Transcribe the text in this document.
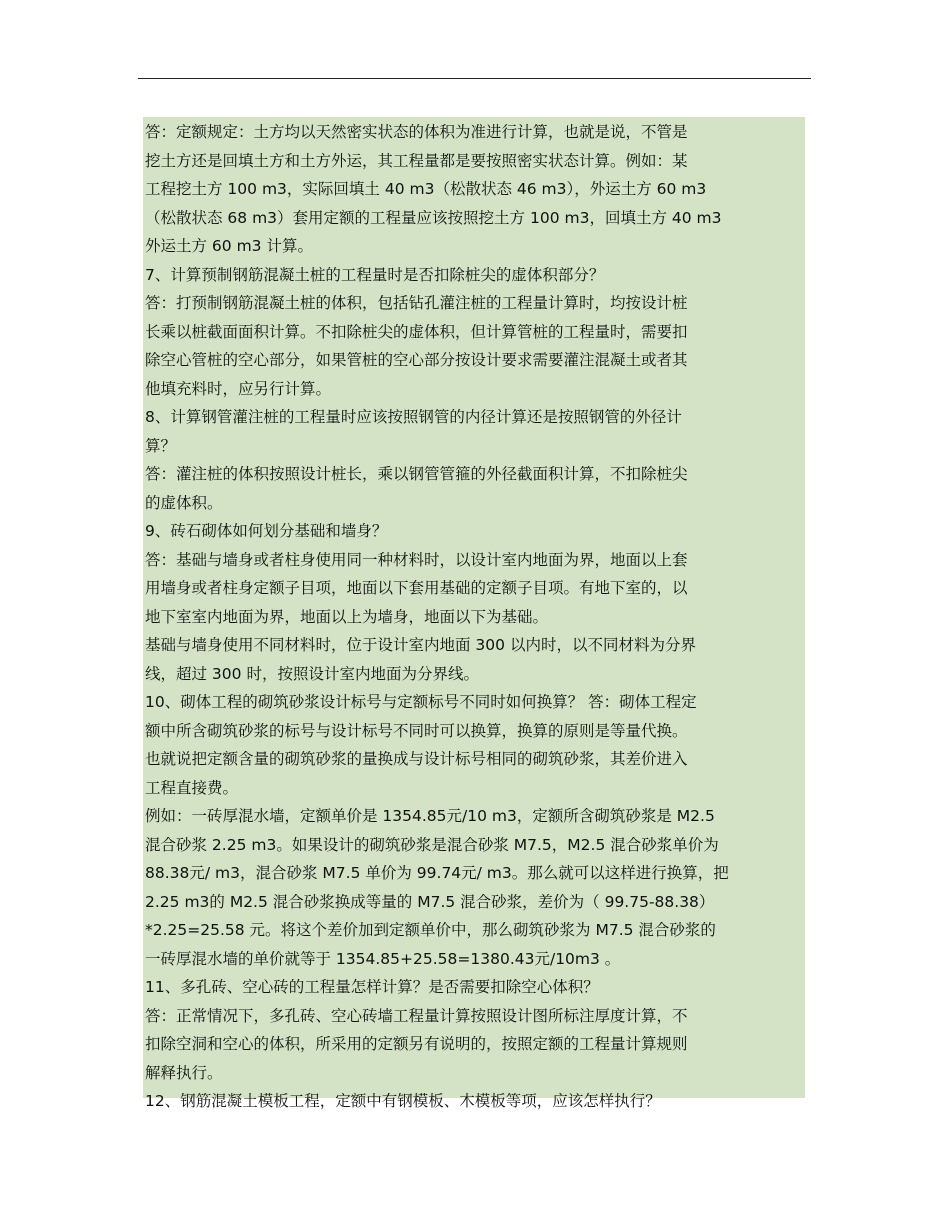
答：定额规定：土方均以天然密实状态的体积为准进行计算，也就是说，不管是
挖土方还是回填土方和土方外运，其工程量都是要按照密实状态计算。例如：某
工程挖土方 100 m3，实际回填土 40 m3（松散状态 46 m3），外运土方 60 m3
（松散状态 68 m3）套用定额的工程量应该按照挖土方 100 m3，回填土方 40 m3
外运土方 60 m3 计算。
7、计算预制钢筋混凝土桩的工程量时是否扣除桩尖的虚体积部分？
答：打预制钢筋混凝土桩的体积，包括钻孔灌注桩的工程量计算时，均按设计桩
长乘以桩截面面积计算。不扣除桩尖的虚体积，但计算管桩的工程量时，需要扣
除空心管桩的空心部分，如果管桩的空心部分按设计要求需要灌注混凝土或者其
他填充料时，应另行计算。
8、计算钢管灌注桩的工程量时应该按照钢管的内径计算还是按照钢管的外径计
算？
答：灌注桩的体积按照设计桩长，乘以钢管管箍的外径截面积计算，不扣除桩尖
的虚体积。
9、砖石砌体如何划分基础和墙身？
答：基础与墙身或者柱身使用同一种材料时，以设计室内地面为界，地面以上套
用墙身或者柱身定额子目项，地面以下套用基础的定额子目项。有地下室的，以
地下室室内地面为界，地面以上为墙身，地面以下为基础。
基础与墙身使用不同材料时，位于设计室内地面 300 以内时，以不同材料为分界
线，超过 300 时，按照设计室内地面为分界线。
10、砌体工程的砌筑砂浆设计标号与定额标号不同时如何换算？ 答：砌体工程定
额中所含砌筑砂浆的标号与设计标号不同时可以换算，换算的原则是等量代换。
也就说把定额含量的砌筑砂浆的量换成与设计标号相同的砌筑砂浆，其差价进入
工程直接费。
例如：一砖厚混水墙，定额单价是 1354.85元/10 m3，定额所含砌筑砂浆是 M2.5
混合砂浆 2.25 m3。如果设计的砌筑砂浆是混合砂浆 M7.5，M2.5 混合砂浆单价为
88.38元/ m3，混合砂浆 M7.5 单价为 99.74元/ m3。那么就可以这样进行换算，把
2.25 m3的 M2.5 混合砂浆换成等量的 M7.5 混合砂浆，差价为（ 99.75-88.38）
*2.25=25.58 元。将这个差价加到定额单价中，那么砌筑砂浆为 M7.5 混合砂浆的
一砖厚混水墙的单价就等于 1354.85+25.58=1380.43元/10m3 。
11、多孔砖、空心砖的工程量怎样计算？是否需要扣除空心体积？
答：正常情况下，多孔砖、空心砖墙工程量计算按照设计图所标注厚度计算，不
扣除空洞和空心的体积，所采用的定额另有说明的，按照定额的工程量计算规则
解释执行。
12、钢筋混凝土模板工程，定额中有钢模板、木模板等项，应该怎样执行？
